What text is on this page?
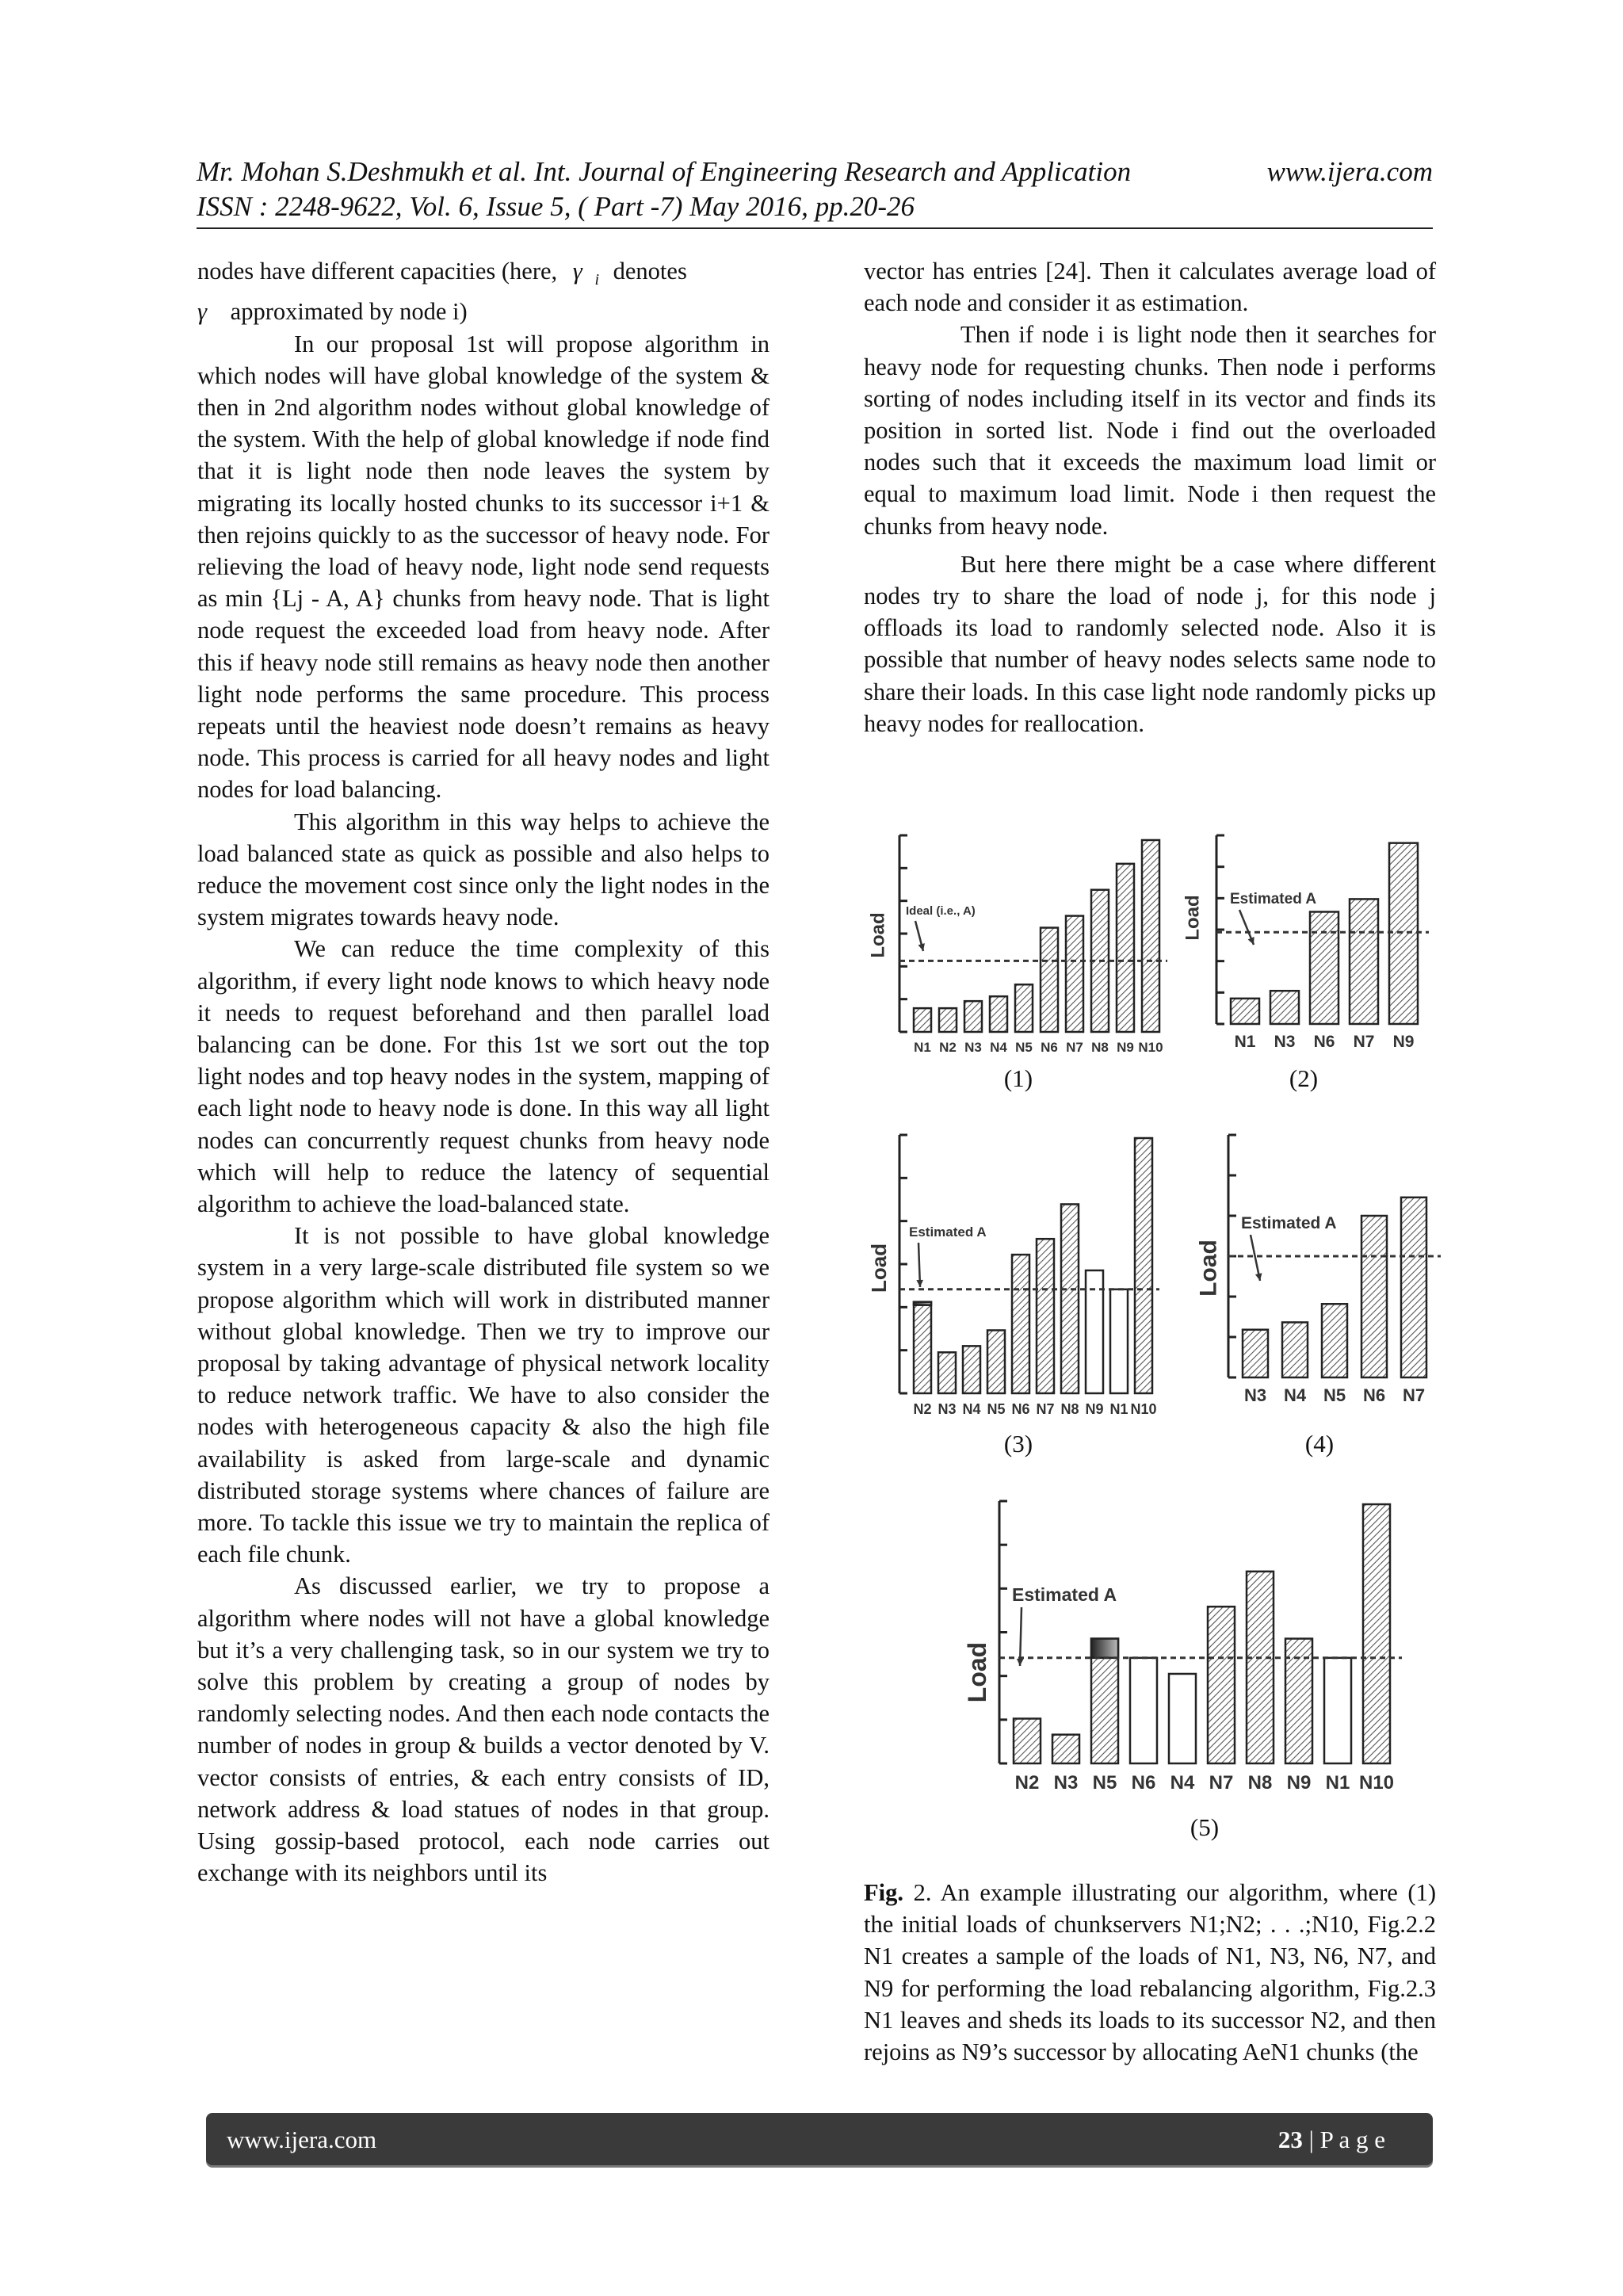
Mr. Mohan S.Deshmukh et al. Int. Journal of Engineering Research and Application	www.ijera.com
ISSN : 2248-9622, Vol. 6, Issue 5, ( Part -7) May 2016, pp.20-26

nodes have different capacities (here, γ $_i$ denotes

γ approximated by node i)

In our proposal 1st will propose algorithm in which nodes will have global knowledge of the system & then in 2nd algorithm nodes without global knowledge of the system. With the help of global knowledge if node find that it is light node then node leaves the system by migrating its locally hosted chunks to its successor i+1 & then rejoins quickly to as the successor of heavy node. For relieving the load of heavy node, light node send requests as min {Lj - A, A} chunks from heavy node. That is light node request the exceeded load from heavy node. After this if heavy node still remains as heavy node then another light node performs the same procedure. This process repeats until the heaviest node doesn’t remains as heavy node. This process is carried for all heavy nodes and light nodes for load balancing.

This algorithm in this way helps to achieve the load balanced state as quick as possible and also helps to reduce the movement cost since only the light nodes in the system migrates towards heavy node.

We can reduce the time complexity of this algorithm, if every light node knows to which heavy node it needs to request beforehand and then parallel load balancing can be done. For this 1st we sort out the top light nodes and top heavy nodes in the system, mapping of each light node to heavy node is done. In this way all light nodes can concurrently request chunks from heavy node which will help to reduce the latency of sequential algorithm to achieve the load-balanced state.

It is not possible to have global knowledge system in a very large-scale distributed file system so we propose algorithm which will work in distributed manner without global knowledge. Then we try to improve our proposal by taking advantage of physical network locality to reduce network traffic. We have to also consider the nodes with heterogeneous capacity & also the high file availability is asked from large-scale and dynamic distributed storage systems where chances of failure are more. To tackle this issue we try to maintain the replica of each file chunk.

As discussed earlier, we try to propose a algorithm where nodes will not have a global knowledge but it’s a very challenging task, so in our system we try to solve this problem by creating a group of nodes by randomly selecting nodes. And then each node contacts the number of nodes in group & builds a vector denoted by V. vector consists of entries, & each entry consists of ID, network address & load statues of nodes in that group. Using gossip-based protocol, each node carries out exchange with its neighbors until its

vector has entries [24]. Then it calculates average load of each node and consider it as estimation.

Then if node i is light node then it searches for heavy node for requesting chunks. Then node i performs sorting of nodes including itself in its vector and finds its position in sorted list. Node i find out the overloaded nodes such that it exceeds the maximum load limit or equal to maximum load limit. Node i then request the chunks from heavy node.

But here there might be a case where different nodes try to share the load of node j, for this node j offloads its load to randomly selected node. Also it is possible that number of heavy nodes selects same node to share their loads. In this case light node randomly picks up heavy nodes for reallocation.

Load
N1 N2 N3 N4 N5 N6 N7 N8 N9 N10
Ideal (i.e., A)
(1)
Load
N1 N3 N6 N7 N9
Estimated A
(2)
Load
N2 N3 N4 N5 N6 N7 N8 N9 N1 N10
Estimated A
(3)
Load
N3 N4 N5 N6 N7
Estimated A
(4)
Load
N2 N3 N5 N6 N4 N7 N8 N9 N1 N10
Estimated A
(5)

Fig. 2. An example illustrating our algorithm, where (1) the initial loads of chunkservers N1;N2; . . .;N10, Fig.2.2 N1 creates a sample of the loads of N1, N3, N6, N7, and N9 for performing the load rebalancing algorithm, Fig.2.3 N1 leaves and sheds its loads to its successor N2, and then rejoins as N9’s successor by allocating AeN1 chunks (the

www.ijera.com	23 | P a g e
